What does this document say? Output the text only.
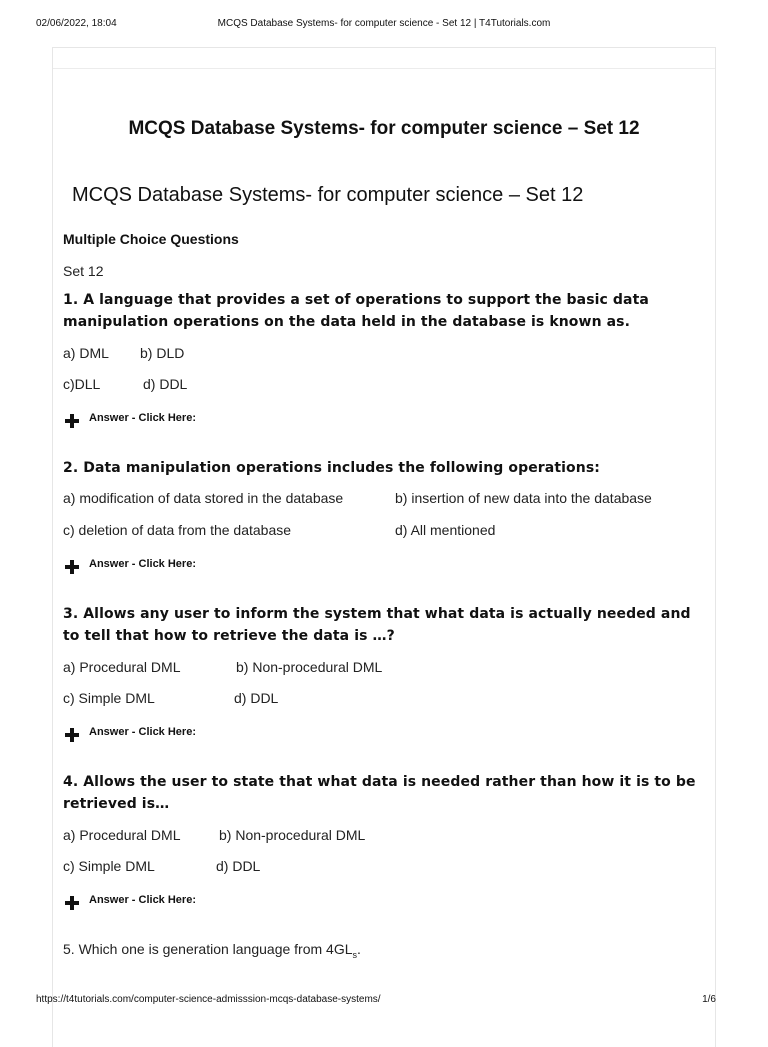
MCQS Database Systems- for computer science - Set 12 | T4Tutorials.com
02/06/2022, 18:04
MCQS Database Systems- for computer science – Set 12
MCQS Database Systems- for computer science – Set 12
Multiple Choice Questions
Set 12
1. A language that provides a set of operations to support the basic data manipulation operations on the data held in the database is known as.
a) DML b) DLD
c)DLL	d) DDL
Answer - Click Here:
2. Data manipulation operations includes the following operations:
a) modification of data stored in the database	b) insertion of new data into the database
c) deletion of data from the database	d) All mentioned
Answer - Click Here:
3. Allows any user to inform the system that what data is actually needed and to tell that how to retrieve the data is …?
a) Procedural DML	b) Non-procedural DML
c) Simple DML	d) DDL
Answer - Click Here:
4. Allows the user to state that what data is needed rather than how it is to be retrieved is…
a) Procedural DML	b) Non-procedural DML
c) Simple DML	d) DDL
Answer - Click Here:
5. Which one is generation language from $4GL_s$.
https://t4tutorials.com/computer-science-admisssion-mcqs-database-systems/	1/6
